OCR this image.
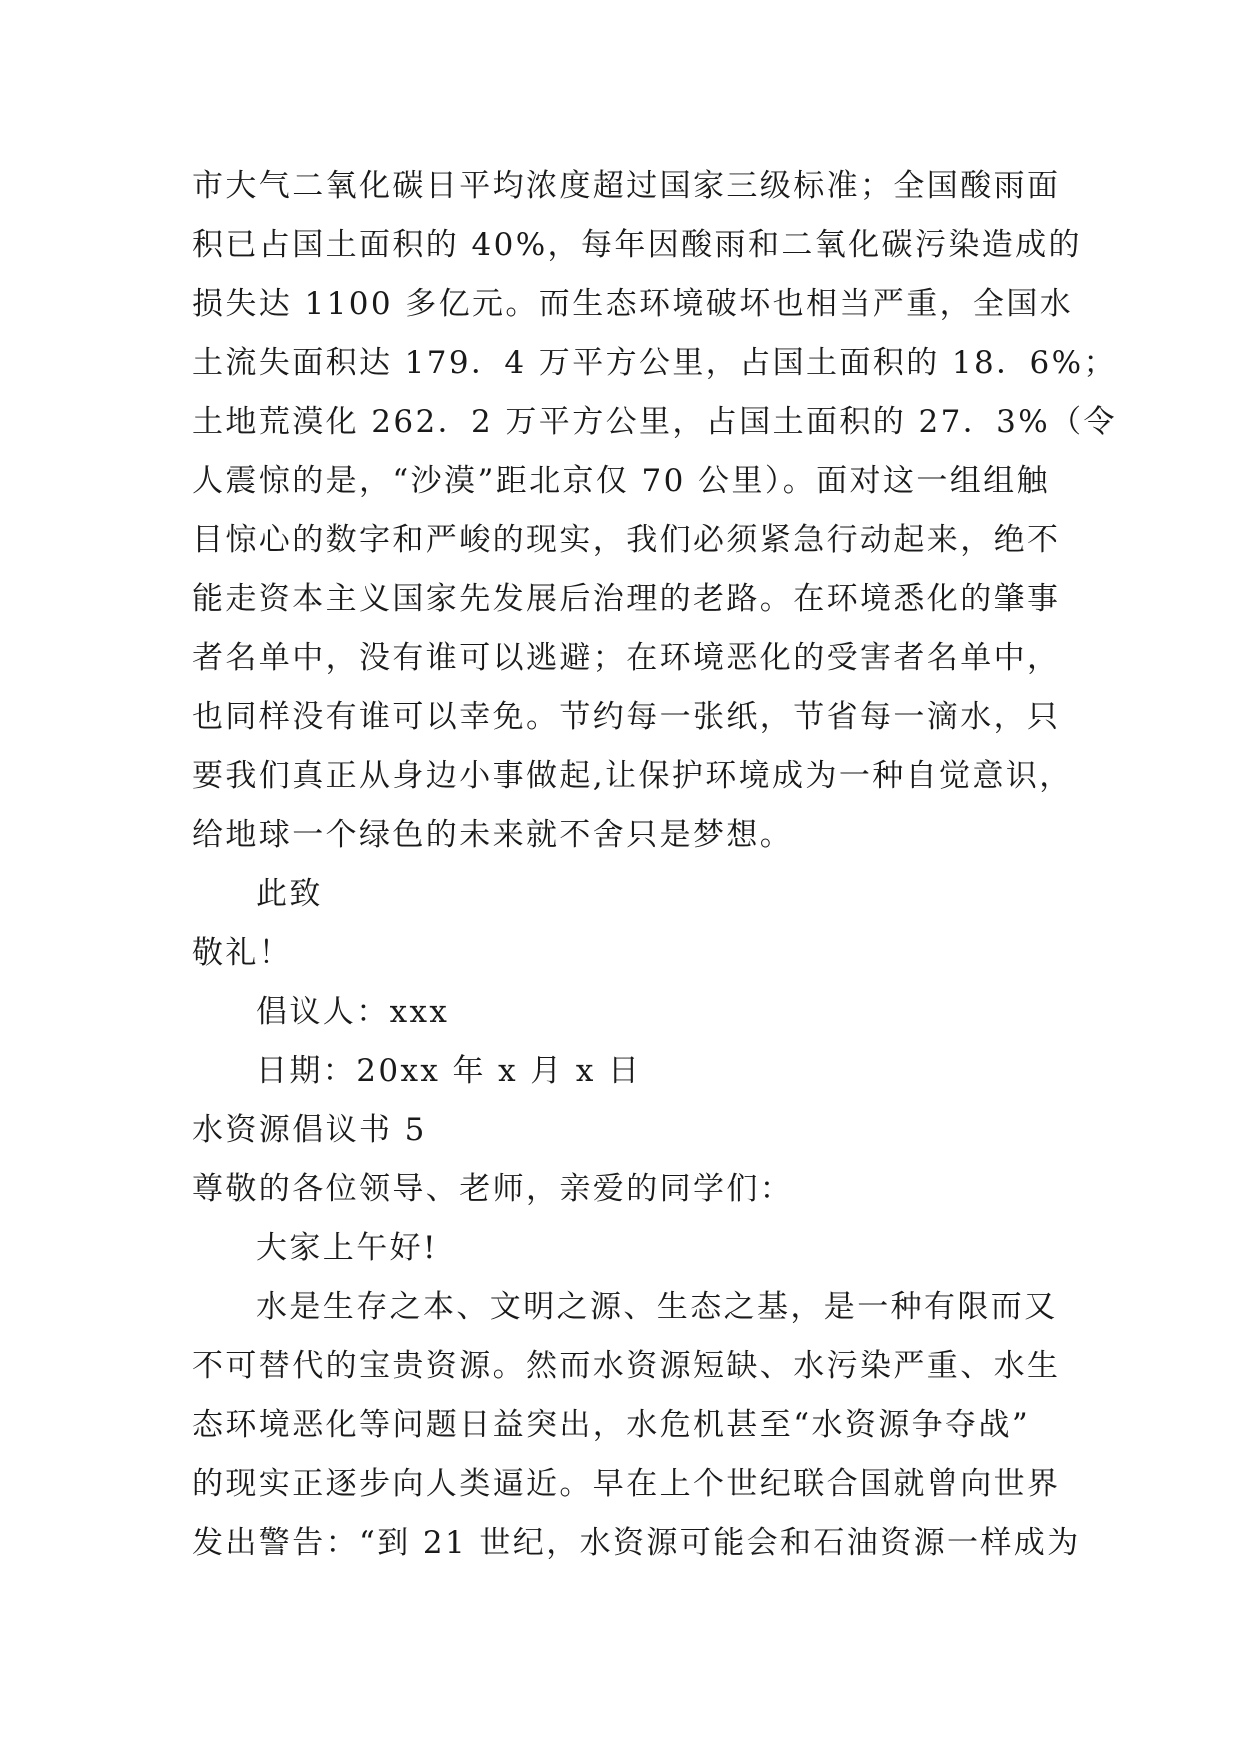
市大气二氧化碳日平均浓度超过国家三级标准；全国酸雨面
积已占国土面积的 40%，每年因酸雨和二氧化碳污染造成的
损失达 1100 多亿元。而生态环境破坏也相当严重，全国水
土流失面积达 179．4 万平方公里，占国土面积的 18．6%；
土地荒漠化 262．2 万平方公里，占国土面积的 27．3%（令
人震惊的是，“沙漠”距北京仅 70 公里）。面对这一组组触
目惊心的数字和严峻的现实，我们必须紧急行动起来，绝不
能走资本主义国家先发展后治理的老路。在环境悉化的肇事
者名单中，没有谁可以逃避；在环境恶化的受害者名单中，
也同样没有谁可以幸免。节约每一张纸，节省每一滴水，只
要我们真正从身边小事做起,让保护环境成为一种自觉意识，
给地球一个绿色的未来就不舍只是梦想。
此致
敬礼！
倡议人：xxx
日期：20xx 年 x 月 x 日
水资源倡议书 5
尊敬的各位领导、老师，亲爱的同学们：
大家上午好!
水是生存之本、文明之源、生态之基，是一种有限而又
不可替代的宝贵资源。然而水资源短缺、水污染严重、水生
态环境恶化等问题日益突出，水危机甚至“水资源争夺战”
的现实正逐步向人类逼近。早在上个世纪联合国就曾向世界
发出警告：“到 21 世纪，水资源可能会和石油资源一样成为
